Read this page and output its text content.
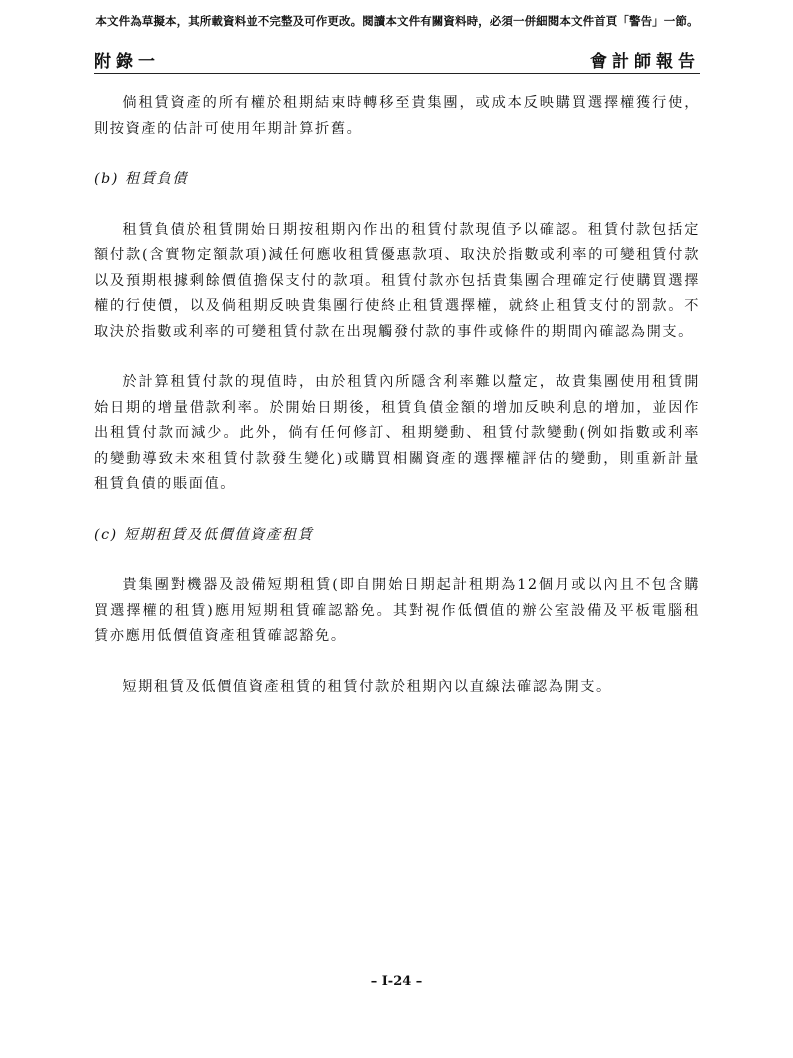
本文件為草擬本，其所載資料並不完整及可作更改。閱讀本文件有關資料時，必須一併細閱本文件首頁「警告」一節。
附錄一	會計師報告

倘租賃資產的所有權於租期結束時轉移至貴集團，或成本反映購買選擇權獲行使，則按資產的估計可使用年期計算折舊。

(b) 租賃負債

租賃負債於租賃開始日期按租期內作出的租賃付款現值予以確認。租賃付款包括定額付款(含實物定額款項)減任何應收租賃優惠款項、取決於指數或利率的可變租賃付款以及預期根據剩餘價值擔保支付的款項。租賃付款亦包括貴集團合理確定行使購買選擇權的行使價，以及倘租期反映貴集團行使終止租賃選擇權，就終止租賃支付的罰款。不取決於指數或利率的可變租賃付款在出現觸發付款的事件或條件的期間內確認為開支。

於計算租賃付款的現值時，由於租賃內所隱含利率難以釐定，故貴集團使用租賃開始日期的增量借款利率。於開始日期後，租賃負債金額的增加反映利息的增加，並因作出租賃付款而減少。此外，倘有任何修訂、租期變動、租賃付款變動(例如指數或利率的變動導致未來租賃付款發生變化)或購買相關資產的選擇權評估的變動，則重新計量租賃負債的賬面值。

(c) 短期租賃及低價值資產租賃

貴集團對機器及設備短期租賃(即自開始日期起計租期為12個月或以內且不包含購買選擇權的租賃)應用短期租賃確認豁免。其對視作低價值的辦公室設備及平板電腦租賃亦應用低價值資產租賃確認豁免。

短期租賃及低價值資產租賃的租賃付款於租期內以直線法確認為開支。

– I-24 –
